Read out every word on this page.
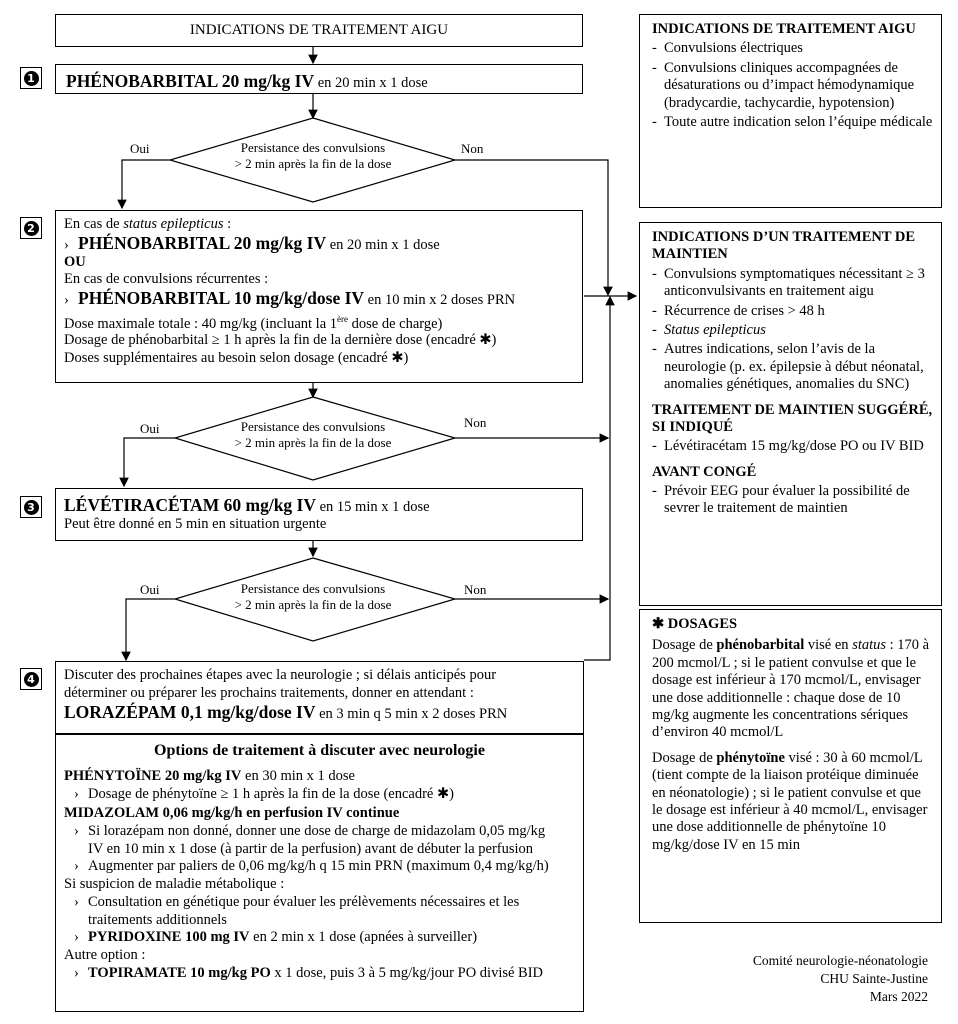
INDICATIONS DE TRAITEMENT AIGU
1 PHÉNOBARBITAL 20 mg/kg IV en 20 min x 1 dose
Persistance des convulsions
> 2 min après la fin de la dose
Oui	Non
2 En cas de status epilepticus :
› PHÉNOBARBITAL 20 mg/kg IV en 20 min x 1 dose
OU
En cas de convulsions récurrentes :
› PHÉNOBARBITAL 10 mg/kg/dose IV en 10 min x 2 doses PRN
Dose maximale totale : 40 mg/kg (incluant la 1ère dose de charge)
Dosage de phénobarbital ≥ 1 h après la fin de la dernière dose (encadré ✱)
Doses supplémentaires au besoin selon dosage (encadré ✱)
Persistance des convulsions
> 2 min après la fin de la dose
Oui	Non
3 LÉVÉTIRACÉTAM 60 mg/kg IV en 15 min x 1 dose
Peut être donné en 5 min en situation urgente
Persistance des convulsions
> 2 min après la fin de la dose
Oui	Non
4 Discuter des prochaines étapes avec la neurologie ; si délais anticipés pour
déterminer ou préparer les prochains traitements, donner en attendant :
LORAZÉPAM 0,1 mg/kg/dose IV en 3 min q 5 min x 2 doses PRN
Options de traitement à discuter avec neurologie
PHÉNYTOÏNE 20 mg/kg IV en 30 min x 1 dose
› Dosage de phénytoïne ≥ 1 h après la fin de la dose (encadré ✱)
MIDAZOLAM 0,06 mg/kg/h en perfusion IV continue
› Si lorazépam non donné, donner une dose de charge de midazolam 0,05 mg/kg
IV en 10 min x 1 dose (à partir de la perfusion) avant de débuter la perfusion
› Augmenter par paliers de 0,06 mg/kg/h q 15 min PRN (maximum 0,4 mg/kg/h)
Si suspicion de maladie métabolique :
› Consultation en génétique pour évaluer les prélèvements nécessaires et les
traitements additionnels
› PYRIDOXINE 100 mg IV en 2 min x 1 dose (apnées à surveiller)
Autre option :
› TOPIRAMATE 10 mg/kg PO x 1 dose, puis 3 à 5 mg/kg/jour PO divisé BID
INDICATIONS DE TRAITEMENT AIGU
- Convulsions électriques
- Convulsions cliniques accompagnées de désaturations ou d’impact hémodynamique (bradycardie, tachycardie, hypotension)
- Toute autre indication selon l’équipe médicale
INDICATIONS D’UN TRAITEMENT DE MAINTIEN
- Convulsions symptomatiques nécessitant ≥ 3 anticonvulsivants en traitement aigu
- Récurrence de crises > 48 h
- Status epilepticus
- Autres indications, selon l’avis de la neurologie (p. ex. épilepsie à début néonatal, anomalies génétiques, anomalies du SNC)
TRAITEMENT DE MAINTIEN SUGGÉRÉ, SI INDIQUÉ
- Lévétiracétam 15 mg/kg/dose PO ou IV BID
AVANT CONGÉ
- Prévoir EEG pour évaluer la possibilité de sevrer le traitement de maintien
✱ DOSAGES

Dosage de phénobarbital visé en status : 170 à 200 mcmol/L ; si le patient convulse et que le dosage est inférieur à 170 mcmol/L, envisager une dose additionnelle : chaque dose de 10 mg/kg augmente les concentrations sériques d’environ 40 mcmol/L

Dosage de phénytoïne visé : 30 à 60 mcmol/L (tient compte de la liaison protéique diminuée en néonatologie) ; si le patient convulse et que le dosage est inférieur à 40 mcmol/L, envisager une dose additionnelle de phénytoïne 10 mg/kg/dose IV en 15 min

Comité neurologie-néonatologie
CHU Sainte-Justine
Mars 2022
